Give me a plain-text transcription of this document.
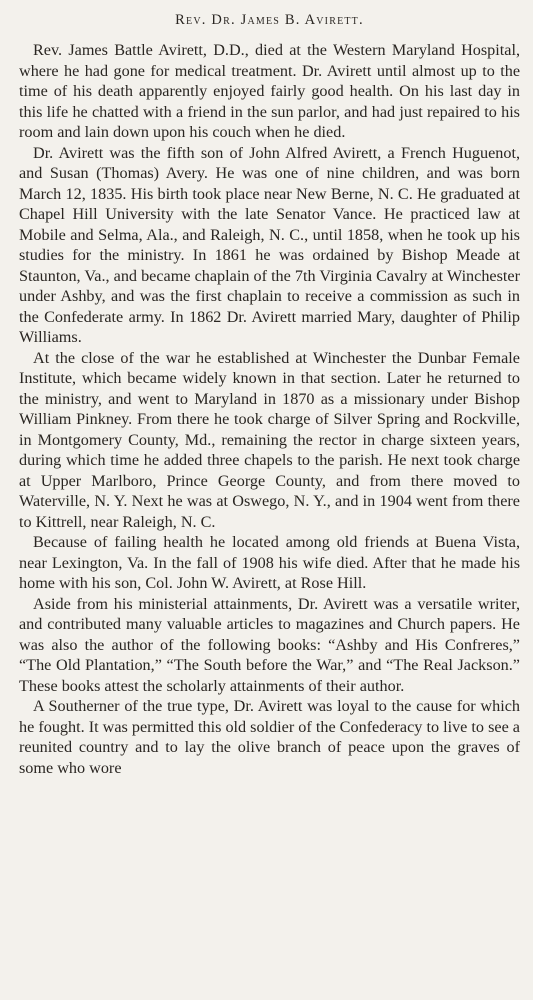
Rev. Dr. James B. Avirett.

Rev. James Battle Avirett, D.D., died at the Western Maryland Hospital, where he had gone for medical treatment. Dr. Avirett until almost up to the time of his death apparently enjoyed fairly good health. On his last day in this life he chatted with a friend in the sun parlor, and had just repaired to his room and lain down upon his couch when he died.

Dr. Avirett was the fifth son of John Alfred Avirett, a French Huguenot, and Susan (Thomas) Avery. He was one of nine children, and was born March 12, 1835. His birth took place near New Berne, N. C. He graduated at Chapel Hill University with the late Senator Vance. He practiced law at Mobile and Selma, Ala., and Raleigh, N. C., until 1858, when he took up his studies for the ministry. In 1861 he was ordained by Bishop Meade at Staunton, Va., and became chaplain of the 7th Virginia Cavalry at Winchester under Ashby, and was the first chaplain to receive a commission as such in the Confederate army. In 1862 Dr. Avirett married Mary, daughter of Philip Williams.

At the close of the war he established at Winchester the Dunbar Female Institute, which became widely known in that section. Later he returned to the ministry, and went to Maryland in 1870 as a missionary under Bishop William Pinkney. From there he took charge of Silver Spring and Rockville, in Montgomery County, Md., remaining the rector in charge sixteen years, during which time he added three chapels to the parish. He next took charge at Upper Marlboro, Prince George County, and from there moved to Waterville, N. Y. Next he was at Oswego, N. Y., and in 1904 went from there to Kittrell, near Raleigh, N. C.

Because of failing health he located among old friends at Buena Vista, near Lexington, Va. In the fall of 1908 his wife died. After that he made his home with his son, Col. John W. Avirett, at Rose Hill.

Aside from his ministerial attainments, Dr. Avirett was a versatile writer, and contributed many valuable articles to magazines and Church papers. He was also the author of the following books: “Ashby and His Confreres,” “The Old Plantation,” “The South before the War,” and “The Real Jackson.” These books attest the scholarly attainments of their author.

A Southerner of the true type, Dr. Avirett was loyal to the cause for which he fought. It was permitted this old soldier of the Confederacy to live to see a reunited country and to lay the olive branch of peace upon the graves of some who wore
